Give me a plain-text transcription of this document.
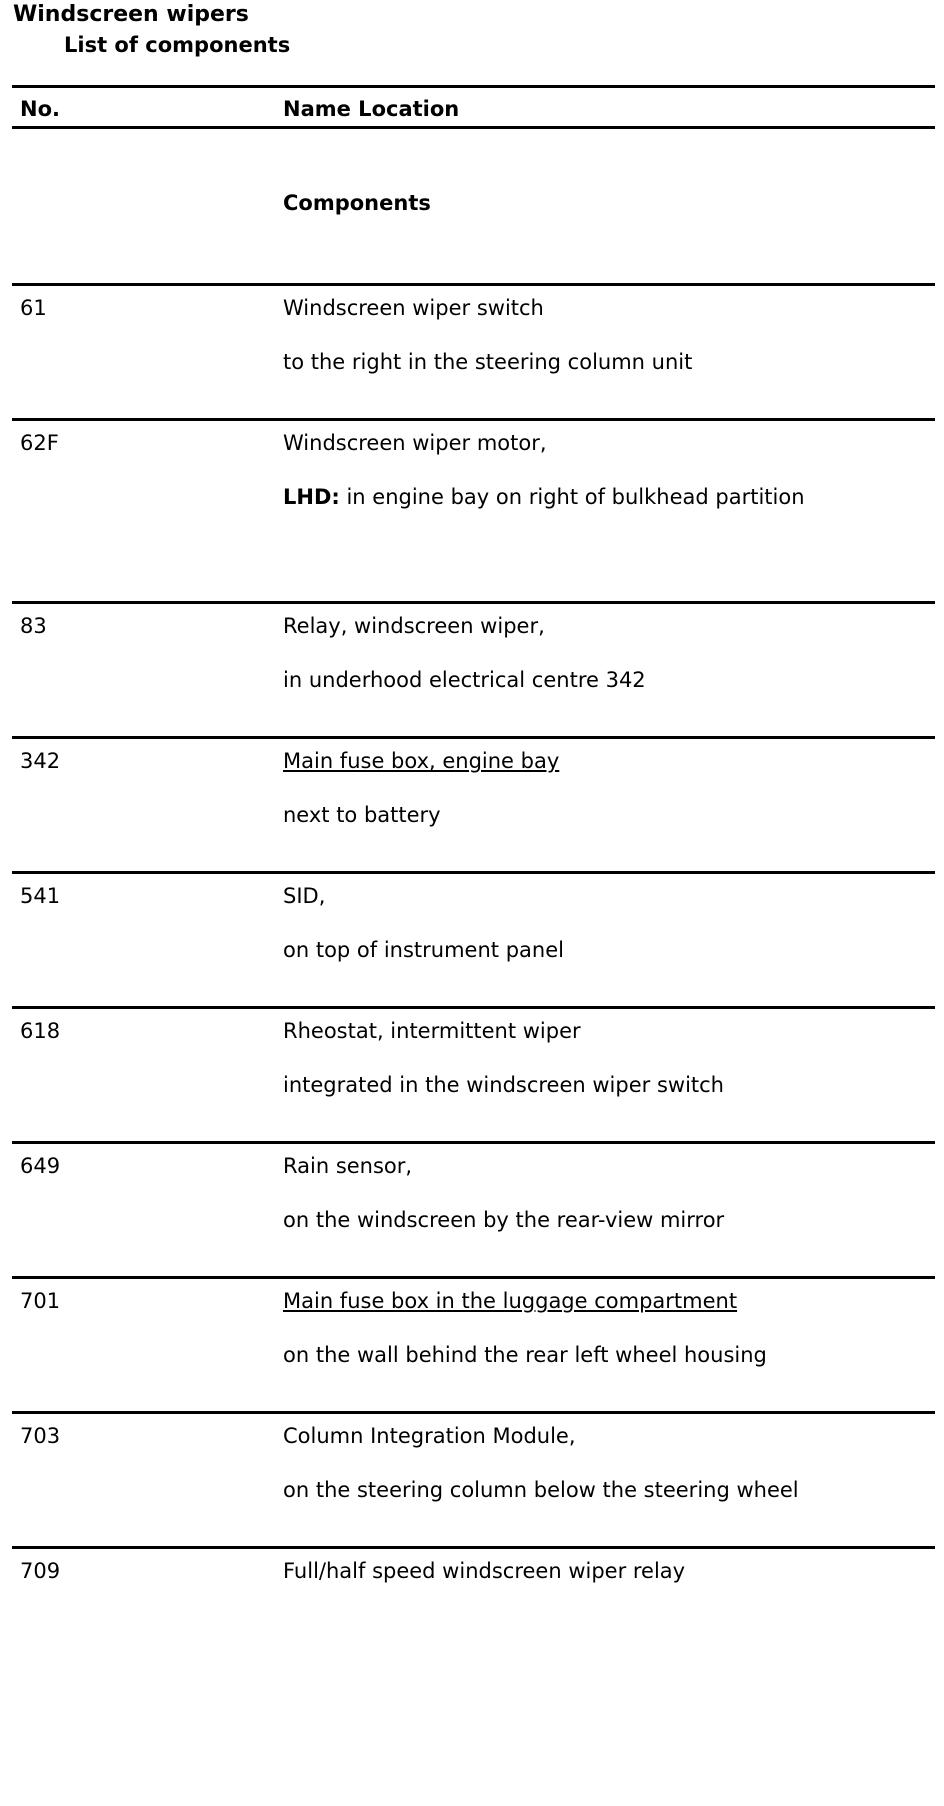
Windscreen wipers
List of components
No.	Name Location
Components
61	Windscreen wiper switch
to the right in the steering column unit
62F	Windscreen wiper motor,
LHD: in engine bay on right of bulkhead partition
83	Relay, windscreen wiper,
in underhood electrical centre 342
342	Main fuse box, engine bay
next to battery
541	SID,
on top of instrument panel
618	Rheostat, intermittent wiper
integrated in the windscreen wiper switch
649	Rain sensor,
on the windscreen by the rear-view mirror
701	Main fuse box in the luggage compartment
on the wall behind the rear left wheel housing
703	Column Integration Module,
on the steering column below the steering wheel
709	Full/half speed windscreen wiper relay
